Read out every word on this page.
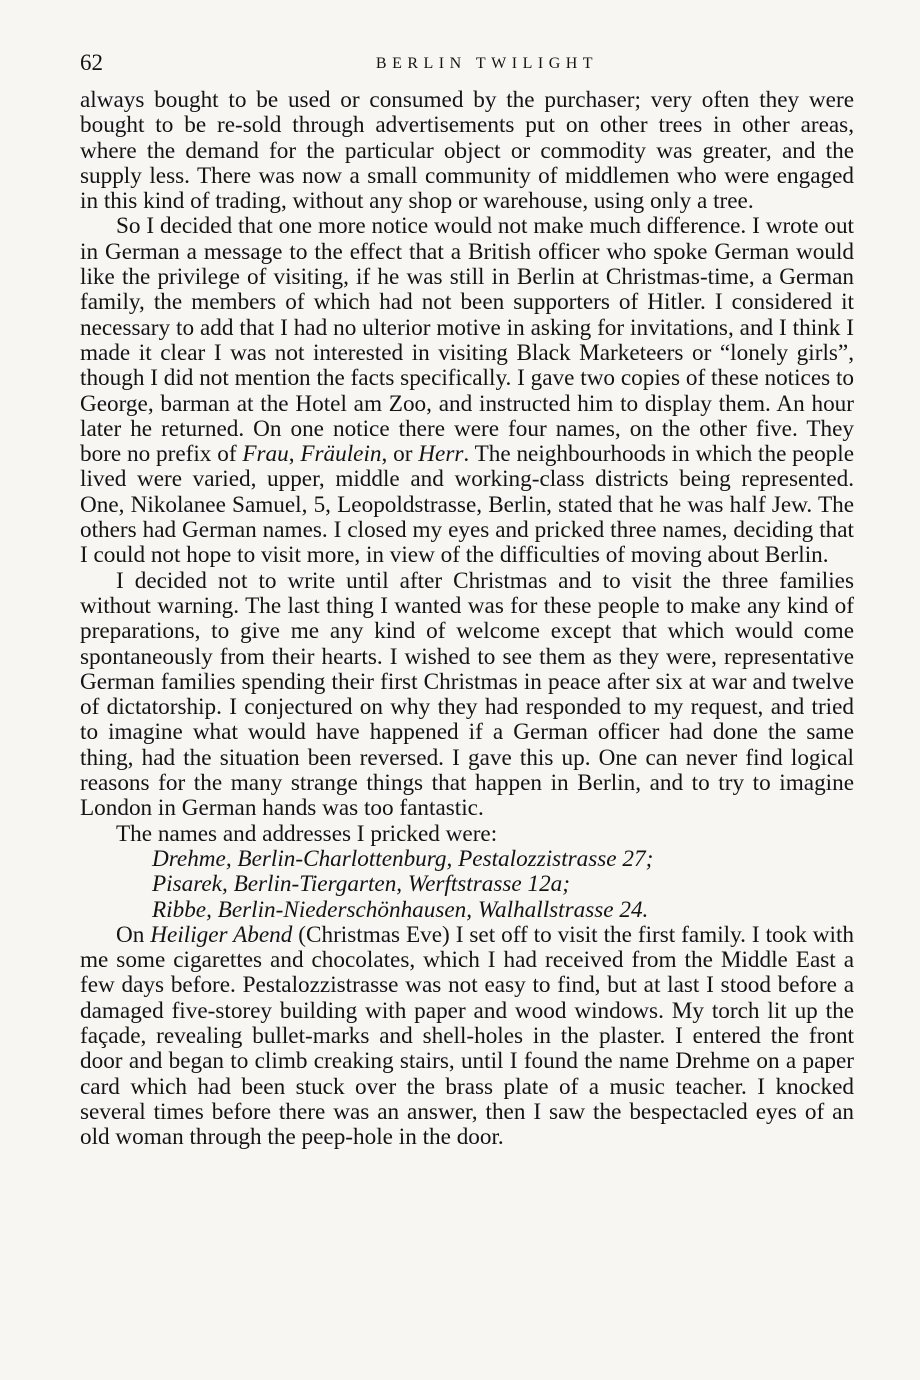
62	BERLIN TWILIGHT

always bought to be used or consumed by the purchaser; very often they were bought to be re-sold through advertisements put on other trees in other areas, where the demand for the particular object or commodity was greater, and the supply less. There was now a small community of middlemen who were engaged in this kind of trading, without any shop or warehouse, using only a tree.

So I decided that one more notice would not make much difference. I wrote out in German a message to the effect that a British officer who spoke German would like the privilege of visiting, if he was still in Berlin at Christmas-time, a German family, the members of which had not been supporters of Hitler. I considered it necessary to add that I had no ulterior motive in asking for invitations, and I think I made it clear I was not interested in visiting Black Marketeers or “lonely girls”, though I did not mention the facts specifically. I gave two copies of these notices to George, barman at the Hotel am Zoo, and instructed him to display them. An hour later he returned. On one notice there were four names, on the other five. They bore no prefix of Frau, Fräulein, or Herr. The neighbourhoods in which the people lived were varied, upper, middle and working-class districts being represented. One, Nikolanee Samuel, 5, Leopoldstrasse, Berlin, stated that he was half Jew. The others had German names. I closed my eyes and pricked three names, deciding that I could not hope to visit more, in view of the difficulties of moving about Berlin.

I decided not to write until after Christmas and to visit the three families without warning. The last thing I wanted was for these people to make any kind of preparations, to give me any kind of welcome except that which would come spontaneously from their hearts. I wished to see them as they were, representative German families spending their first Christmas in peace after six at war and twelve of dictatorship. I conjectured on why they had responded to my request, and tried to imagine what would have happened if a German officer had done the same thing, had the situation been reversed. I gave this up. One can never find logical reasons for the many strange things that happen in Berlin, and to try to imagine London in German hands was too fantastic.

The names and addresses I pricked were:

Drehme, Berlin-Charlottenburg, Pestalozzistrasse 27;

Pisarek, Berlin-Tiergarten, Werftstrasse 12a;

Ribbe, Berlin-Niederschönhausen, Walhallstrasse 24.

On Heiliger Abend (Christmas Eve) I set off to visit the first family. I took with me some cigarettes and chocolates, which I had received from the Middle East a few days before. Pestalozzistrasse was not easy to find, but at last I stood before a damaged five-storey building with paper and wood windows. My torch lit up the façade, revealing bullet-marks and shell-holes in the plaster. I entered the front door and began to climb creaking stairs, until I found the name Drehme on a paper card which had been stuck over the brass plate of a music teacher. I knocked several times before there was an answer, then I saw the bespectacled eyes of an old woman through the peep-hole in the door.
